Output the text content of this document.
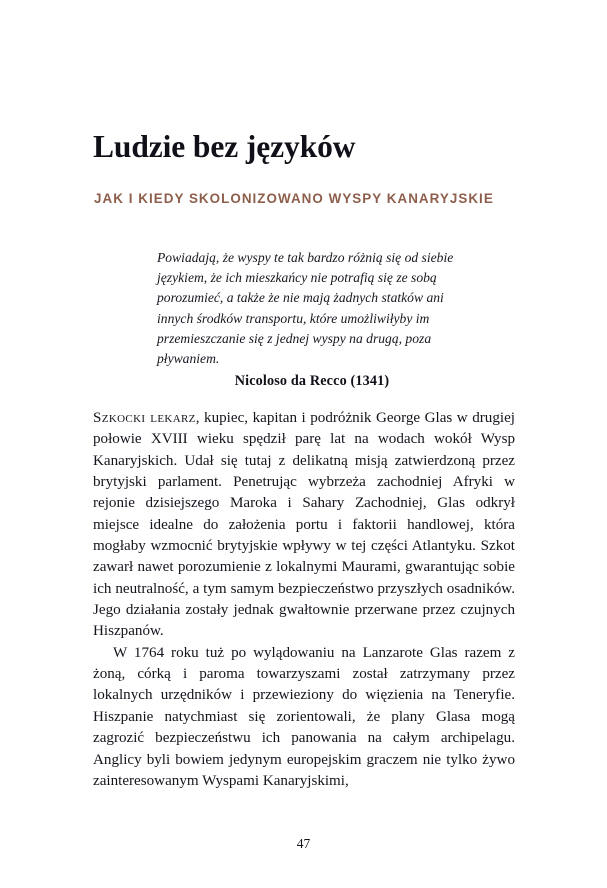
Ludzie bez języków
JAK I KIEDY SKOLONIZOWANO WYSPY KANARYJSKIE

Powiadają, że wyspy te tak bardzo różnią się od siebie językiem, że ich mieszkańcy nie potrafią się ze sobą porozumieć, a także że nie mają żadnych statków ani innych środków transportu, które umożliwiłyby im przemieszczanie się z jednej wyspy na drugą, poza pływaniem.

Nicoloso da Recco (1341)

Szkocki lekarz, kupiec, kapitan i podróżnik George Glas w drugiej połowie XVIII wieku spędził parę lat na wodach wokół Wysp Kanaryjskich. Udał się tutaj z delikatną misją zatwierdzoną przez brytyjski parlament. Penetrując wybrzeża zachodniej Afryki w rejonie dzisiejszego Maroka i Sahary Zachodniej, Glas odkrył miejsce idealne do założenia portu i faktorii handlowej, która mogłaby wzmocnić brytyjskie wpływy w tej części Atlantyku. Szkot zawarł nawet porozumienie z lokalnymi Maurami, gwarantując sobie ich neutralność, a tym samym bezpieczeństwo przyszłych osadników. Jego działania zostały jednak gwałtownie przerwane przez czujnych Hiszpanów.

W 1764 roku tuż po wylądowaniu na Lanzarote Glas razem z żoną, córką i paroma towarzyszami został zatrzymany przez lokalnych urzędników i przewieziony do więzienia na Teneryfie. Hiszpanie natychmiast się zorientowali, że plany Glasa mogą zagrozić bezpieczeństwu ich panowania na całym archipelagu. Anglicy byli bowiem jedynym europejskim graczem nie tylko żywo zainteresowanym Wyspami Kanaryjskimi,

47
